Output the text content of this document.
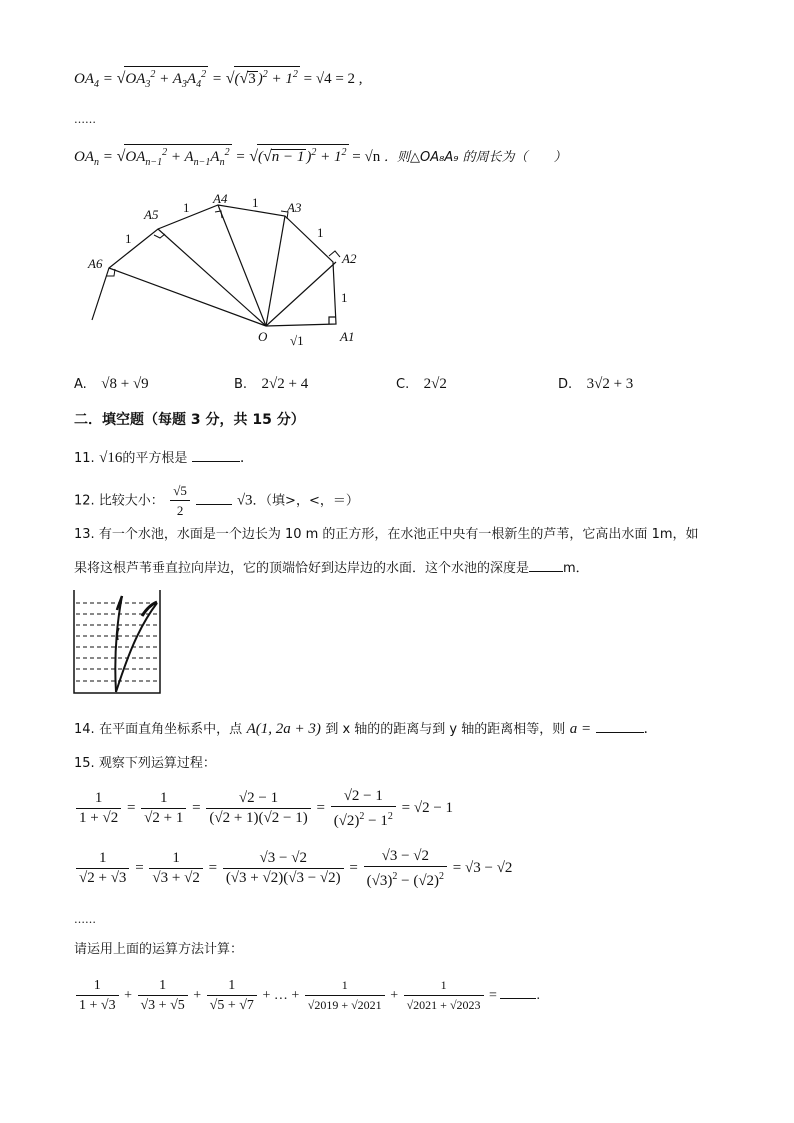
$OA_4 = √OA_3^2 + A_3A_4^2 = √(√3$ )$^2 + 1^2 = √4 = 2$ ,
……
$OA_n = √OA_{n-1}^2 + A_{n-1}A_n^2 = √(√n - 1$ )$^2 + 1^2 = √n$ ．则△OA₈A₉ 的周长为（　　）
A1
A2
A3
A4
A5
A6
O
1
1
1
1
1
√1
A. √8 + √9	B. 2√2 + 4	C. 2√2	D. 3√2 + 3
二．填空题（每题 3 分，共 15 分）
11. √16的平方根是	.
12. 比较大小： $\frac{√5}{2}$	√3．（填>，<，＝）
13. 有一个水池，水面是一个边长为 10 m 的正方形，在水池正中央有一根新生的芦苇，它高出水面 1m，如
果将这根芦苇垂直拉向岸边，它的顶端恰好到达岸边的水面．这个水池的深度是	m．
14. 在平面直角坐标系中，点 A(1, 2a + 3) 到 x 轴的的距离与到 y 轴的距离相等，则 a =	.
15. 观察下列运算过程：
$\frac{1}{1 + √2} = \frac{1}{√2 + 1} = \frac{√2 - 1}{(√2 + 1)(√2 - 1)} = \frac{√2 - 1}{(√2)^2 - 1^2} = √2 - 1$
$\frac{1}{√2 + √3} = \frac{1}{√3 + √2} = \frac{√3 - √2}{(√3 + √2)(√3 - √2)} = \frac{√3 - √2}{(√3)^2 - (√2)^2} = √3 - √2$
……
请运用上面的运算方法计算：
$\frac{1}{1 + √3} + \frac{1}{√3 + √5} + \frac{1}{√5 + √7}$ + … + $\frac{1}{√2019 + √2021} + \frac{1}{√2021 + √2023}$ =	.
